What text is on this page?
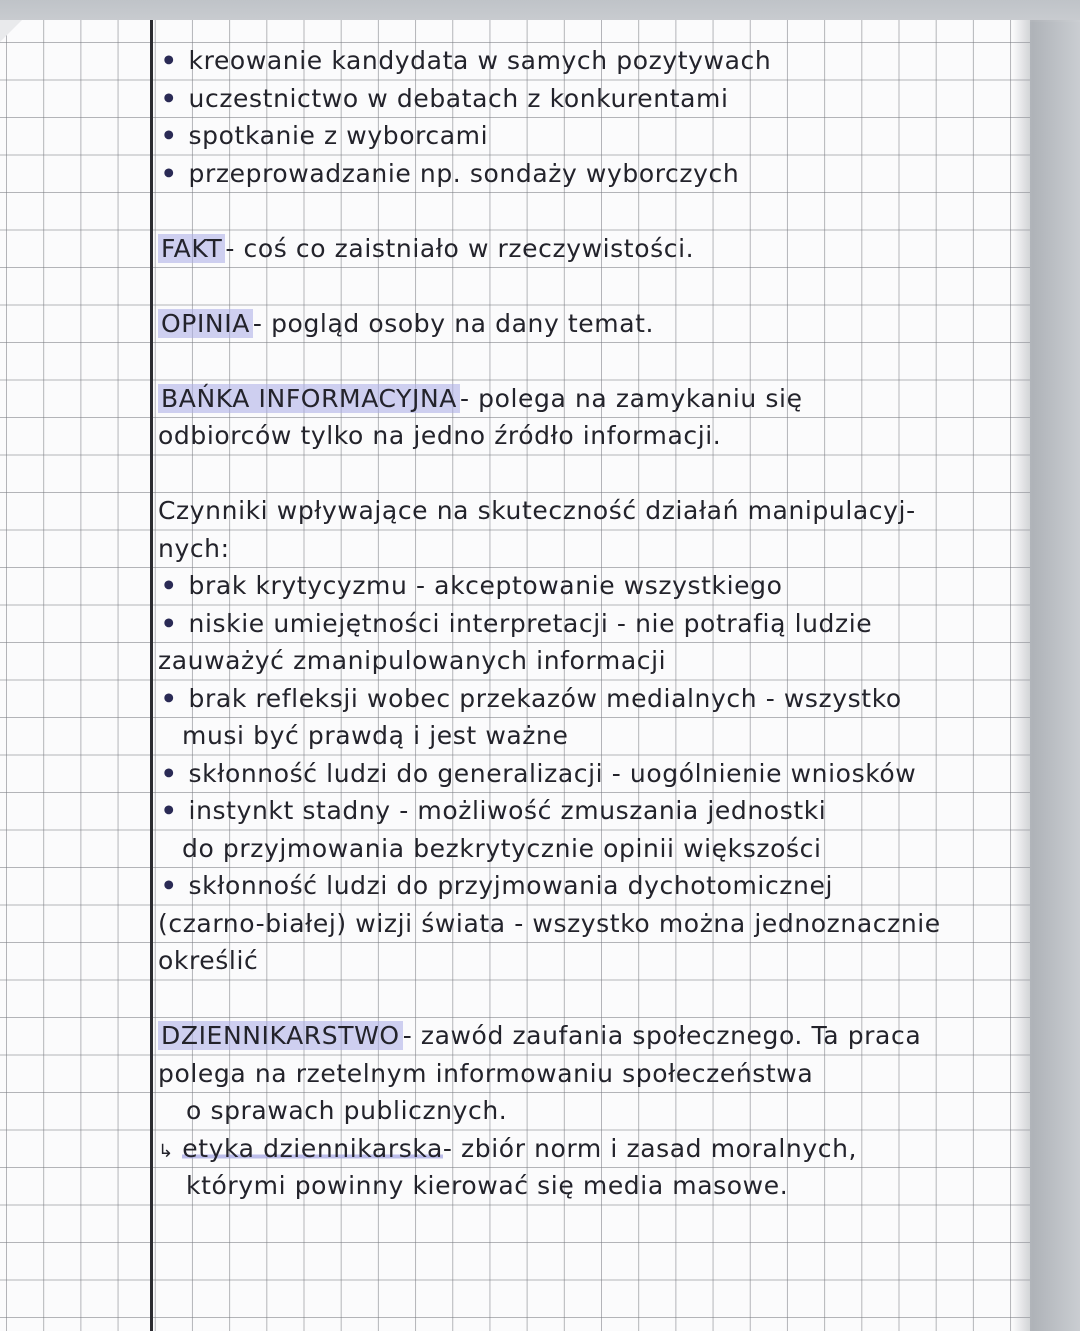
• kreowanie kandydata w samych pozytywach
• uczestnictwo w debatach z konkurentami
• spotkanie z wyborcami
• przeprowadzanie np. sondaży wyborczych
FAKT - coś co zaistniało w rzeczywistości.
OPINIA - pogląd osoby na dany temat.
BAŃKA INFORMACYJNA - polega na zamykaniu się
odbiorców tylko na jedno źródło informacji.
Czynniki wpływające na skuteczność działań manipulacyj-
nych:
• brak krytycyzmu - akceptowanie wszystkiego
• niskie umiejętności interpretacji - nie potrafią ludzie
zauważyć zmanipulowanych informacji
• brak refleksji wobec przekazów medialnych - wszystko
musi być prawdą i jest ważne
• skłonność ludzi do generalizacji - uogólnienie wniosków
• instynkt stadny - możliwość zmuszania jednostki
do przyjmowania bezkrytycznie opinii większości
• skłonność ludzi do przyjmowania dychotomicznej
(czarno-białej) wizji świata - wszystko można jednoznacznie
określić
DZIENNIKARSTWO - zawód zaufania społecznego. Ta praca
polega na rzetelnym informowaniu społeczeństwa
o sprawach publicznych.
↳ etyka dziennikarska- zbiór norm i zasad moralnych,
którymi powinny kierować się media masowe.
